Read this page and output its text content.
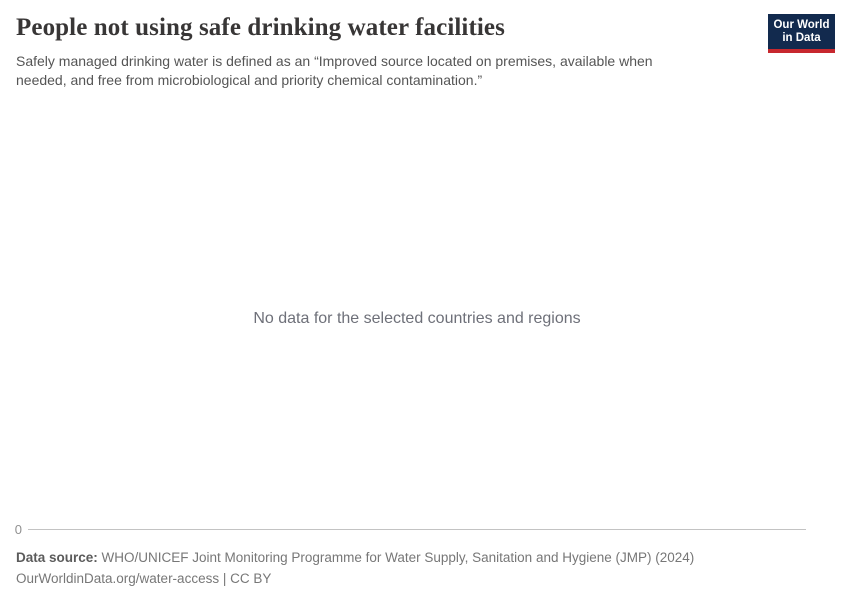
People not using safe drinking water facilities

Safely managed drinking water is defined as an “Improved source located on premises, available when needed, and free from microbiological and priority chemical contamination.”

Our World
in Data
No data for the selected countries and regions
0

Data source: WHO/UNICEF Joint Monitoring Programme for Water Supply, Sanitation and Hygiene (JMP) (2024)

OurWorldinData.org/water-access | CC BY
